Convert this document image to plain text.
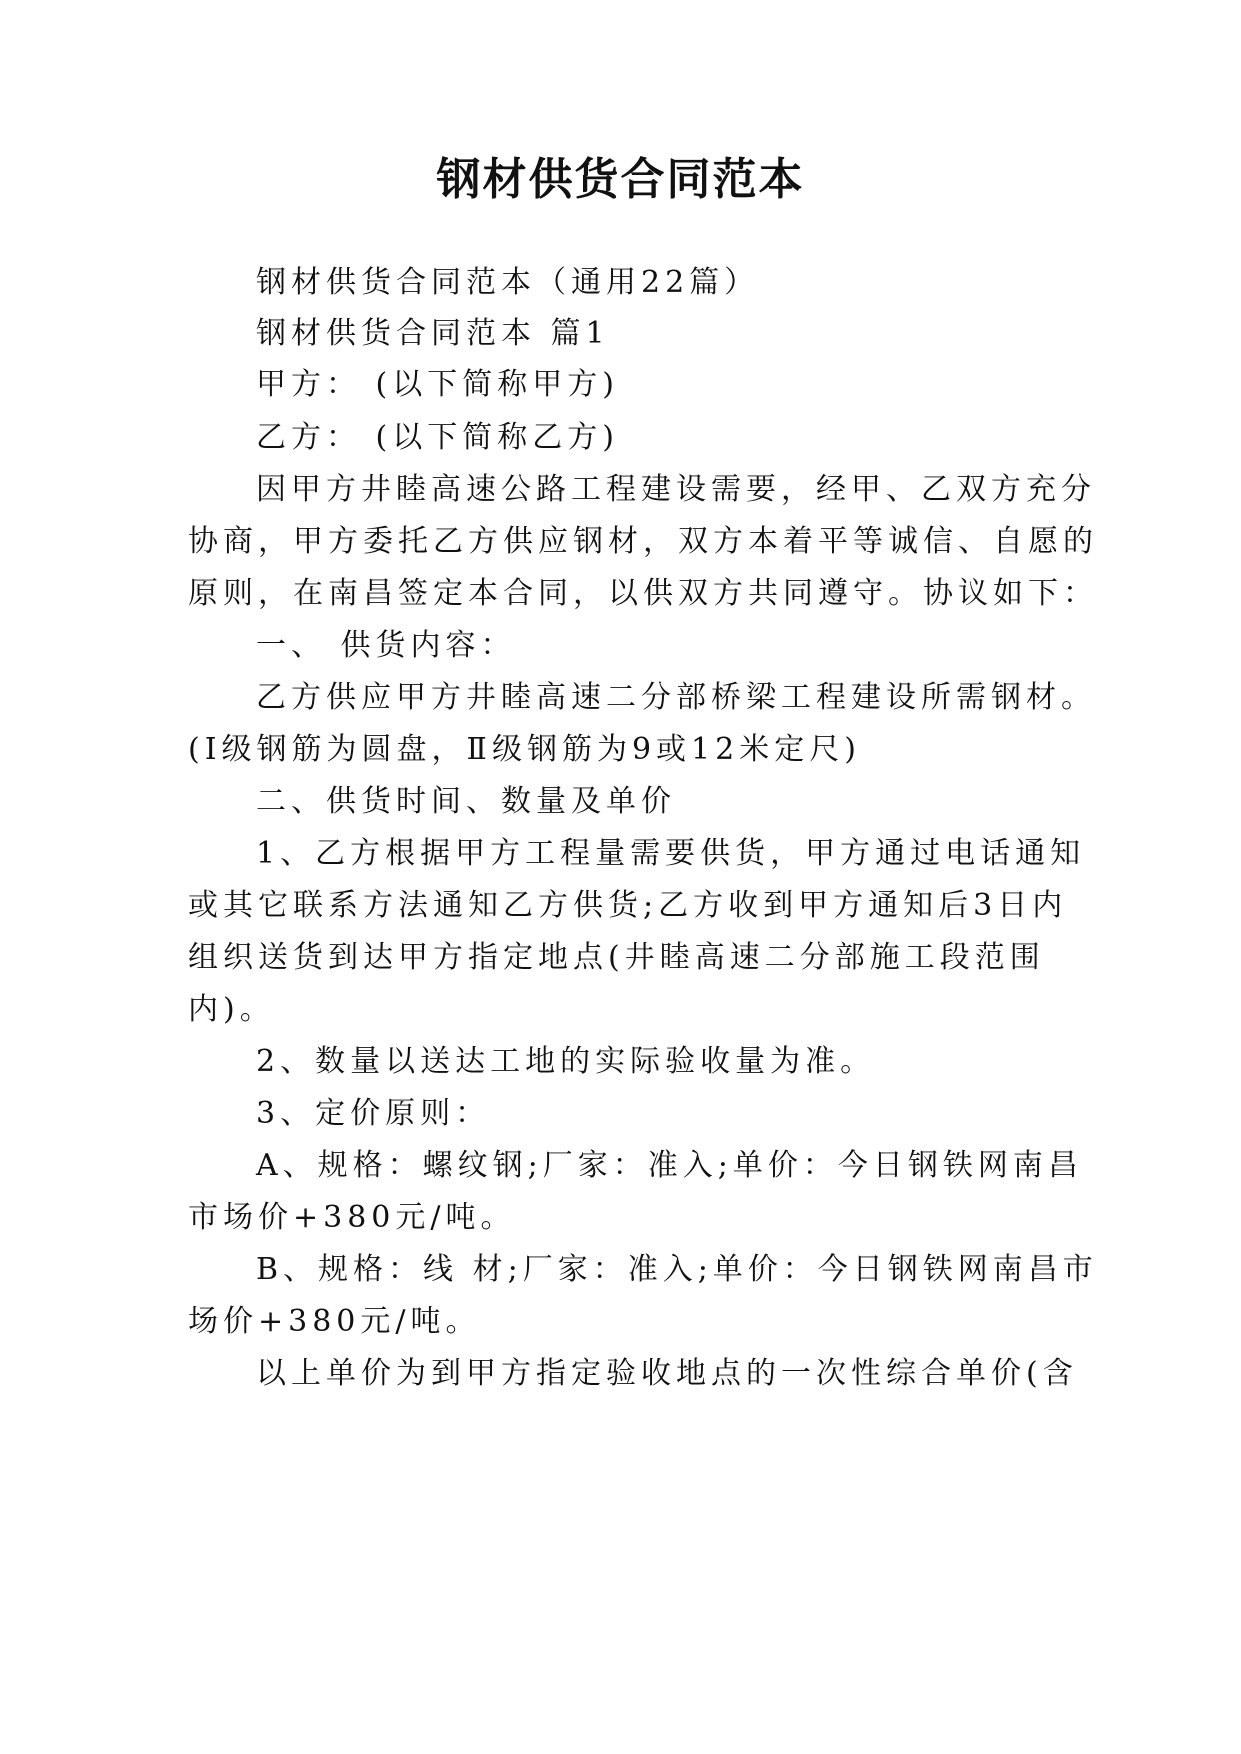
钢材供货合同范本
钢材供货合同范本（通用22篇）
钢材供货合同范本 篇1
甲方： (以下简称甲方)
乙方： (以下简称乙方)
因甲方井睦高速公路工程建设需要，经甲、乙双方充分
协商，甲方委托乙方供应钢材，双方本着平等诚信、自愿的
原则，在南昌签定本合同，以供双方共同遵守。协议如下：
一、 供货内容：
乙方供应甲方井睦高速二分部桥梁工程建设所需钢材。
(Ⅰ级钢筋为圆盘，Ⅱ级钢筋为9或12米定尺)
二、供货时间、数量及单价
1、乙方根据甲方工程量需要供货，甲方通过电话通知
或其它联系方法通知乙方供货;乙方收到甲方通知后3日内
组织送货到达甲方指定地点(井睦高速二分部施工段范围
内)。
2、数量以送达工地的实际验收量为准。
3、定价原则：
A、规格：螺纹钢;厂家：准入;单价：今日钢铁网南昌
市场价+380元/吨。
B、规格：线 材;厂家：准入;单价：今日钢铁网南昌市
场价+380元/吨。
以上单价为到甲方指定验收地点的一次性综合单价(含
